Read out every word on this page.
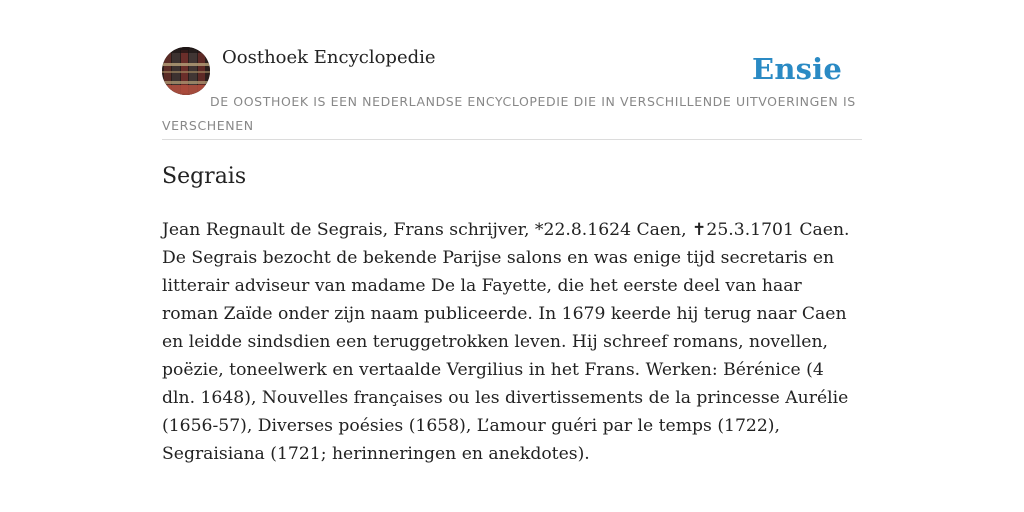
Oosthoek Encyclopedie	Ensie
DE OOSTHOEK IS EEN NEDERLANDSE ENCYCLOPEDIE DIE IN VERSCHILLENDE UITVOERINGEN IS VERSCHENEN
Segrais

Jean Regnault de Segrais, Frans schrijver, *22.8.1624 Caen, ✝25.3.1701 Caen. De Segrais bezocht de bekende Parijse salons en was enige tijd secretaris en litterair adviseur van madame De la Fayette, die het eerste deel van haar roman Zaïde onder zijn naam publiceerde. In 1679 keerde hij terug naar Caen en leidde sindsdien een teruggetrokken leven. Hij schreef romans, novellen, poëzie, toneelwerk en vertaalde Vergilius in het Frans. Werken: Bérénice (4 dln. 1648), Nouvelles françaises ou les divertissements de la princesse Aurélie (1656-57), Diverses poésies (1658), L’amour guéri par le temps (1722), Segraisiana (1721; herinneringen en anekdotes).
